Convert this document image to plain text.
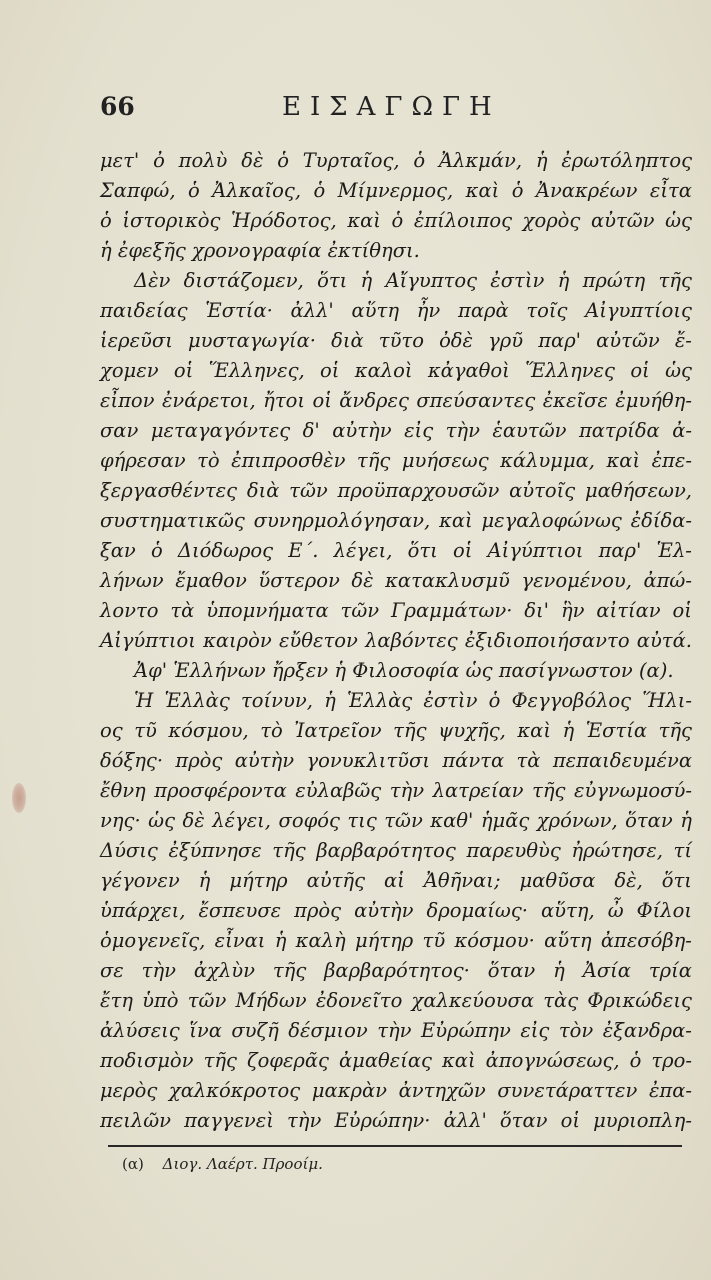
66	ΕΙΣΑΓΩΓΗ
μετ' ὀ πολὺ δὲ ὁ Τυρταῖος, ὁ Ἀλκμάν, ἡ ἐρωτόληπτος
Σαπφώ, ὁ Ἀλκαῖος, ὁ Μίμνερμος, καὶ ὁ Ἀνακρέων εἶτα
ὁ ἱστορικὸς Ἡρόδοτος, καὶ ὁ ἐπίλοιπος χορὸς αὐτῶν ὡς
ἡ ἐφεξῆς χρονογραφία ἐκτίθησι.
Δὲν διστάζομεν, ὅτι ἡ Αἴγυπτος ἐστὶν ἡ πρώτη τῆς
παιδείας Ἑστία· ἀλλ' αὕτη ἦν παρὰ τοῖς Αἰγυπτίοις
ἱερεῦσι μυσταγωγία· διὰ τῦτο ὀδὲ γρῦ παρ' αὐτῶν ἔ-
χομεν οἱ Ἕλληνες, οἱ καλοὶ κἀγαθοὶ Ἕλληνες οἱ ὡς
εἶπον ἐνάρετοι, ἤτοι οἱ ἄνδρες σπεύσαντες ἐκεῖσε ἐμυήθη-
σαν μεταγαγόντες δ' αὐτὴν εἰς τὴν ἑαυτῶν πατρίδα ἀ-
φήρεσαν τὸ ἐπιπροσθὲν τῆς μυήσεως κάλυμμα, καὶ ἐπε-
ξεργασθέντες διὰ τῶν προϋπαρχουσῶν αὐτοῖς μαθήσεων,
συστηματικῶς συνηρμολόγησαν, καὶ μεγαλοφώνως ἐδίδα-
ξαν ὁ Διόδωρος Ε΄. λέγει, ὅτι οἱ Αἰγύπτιοι παρ' Ἑλ-
λήνων ἔμαθον ὕστερον δὲ κατακλυσμῦ γενομένου, ἀπώ-
λοντο τὰ ὑπομνήματα τῶν Γραμμάτων· δι' ἣν αἰτίαν οἱ
Αἰγύπτιοι καιρὸν εὔθετον λαβόντες ἐξιδιοποιήσαντο αὐτά.
Ἀφ' Ἑλλήνων ἤρξεν ἡ Φιλοσοφία ὡς πασίγνωστον (α).
Ἡ Ἑλλὰς τοίνυν, ἡ Ἑλλὰς ἐστὶν ὁ Φεγγοβόλος Ἥλι-
ος τῦ κόσμου, τὸ Ἰατρεῖον τῆς ψυχῆς, καὶ ἡ Ἑστία τῆς
δόξης· πρὸς αὐτὴν γονυκλιτῦσι πάντα τὰ πεπαιδευμένα
ἔθνη προσφέροντα εὐλαβῶς τὴν λατρείαν τῆς εὐγνωμοσύ-
νης· ὡς δὲ λέγει, σοφός τις τῶν καθ' ἡμᾶς χρόνων, ὅταν ἡ
Δύσις ἐξύπνησε τῆς βαρβαρότητος παρευθὺς ἠρώτησε, τί
γέγονεν ἡ μήτηρ αὐτῆς αἱ Ἀθῆναι; μαθῦσα δὲ, ὅτι
ὑπάρχει, ἔσπευσε πρὸς αὐτὴν δρομαίως· αὕτη, ὦ Φίλοι
ὁμογενεῖς, εἶναι ἡ καλὴ μήτηρ τῦ κόσμου· αὕτη ἀπεσόβη-
σε τὴν ἀχλὺν τῆς βαρβαρότητος· ὅταν ἡ Ἀσία τρία
ἔτη ὑπὸ τῶν Μήδων ἐδονεῖτο χαλκεύουσα τὰς Φρικώδεις
ἀλύσεις ἵνα συζῆ δέσμιον τὴν Εὐρώπην εἰς τὸν ἐξανδρα-
ποδισμὸν τῆς ζοφερᾶς ἀμαθείας καὶ ἀπογνώσεως, ὁ τρο-
μερὸς χαλκόκροτος μακρὰν ἀντηχῶν συνετάραττεν ἐπα-
πειλῶν παγγενεὶ τὴν Εὐρώπην· ἀλλ' ὅταν οἱ μυριοπλη-
(α) Διογ. Λαέρτ. Προοίμ.
